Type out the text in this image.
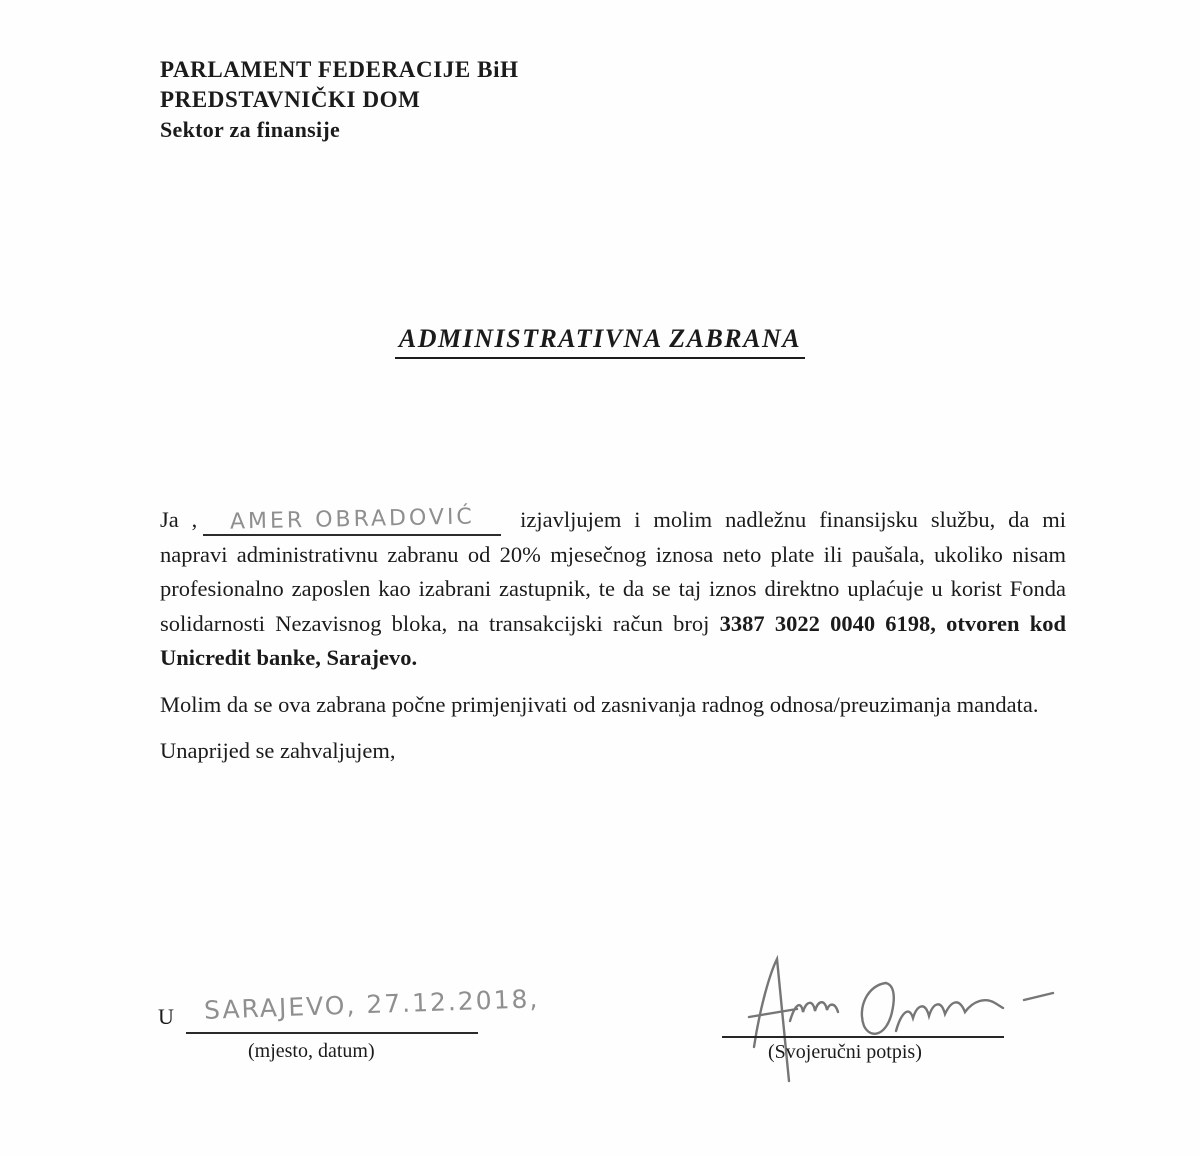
PARLAMENT FEDERACIJE BiH
PREDSTAVNIČKI DOM
Sektor za finansije
ADMINISTRATIVNA ZABRANA

Ja , AMER OBRADOVIĆ izjavljujem i molim nadležnu finansijsku službu, da mi napravi administrativnu zabranu od 20% mjesečnog iznosa neto plate ili paušala, ukoliko nisam profesionalno zaposlen kao izabrani zastupnik, te da se taj iznos direktno uplaćuje u korist Fonda solidarnosti Nezavisnog bloka, na transakcijski račun broj 3387 3022 0040 6198, otvoren kod Unicredit banke, Sarajevo.

Molim da se ova zabrana počne primjenjivati od zasnivanja radnog odnosa/preuzimanja mandata.

Unaprijed se zahvaljujem,

U SARAJEVO, 27.12.2018,
(mjesto, datum)	(Svojeručni potpis)
